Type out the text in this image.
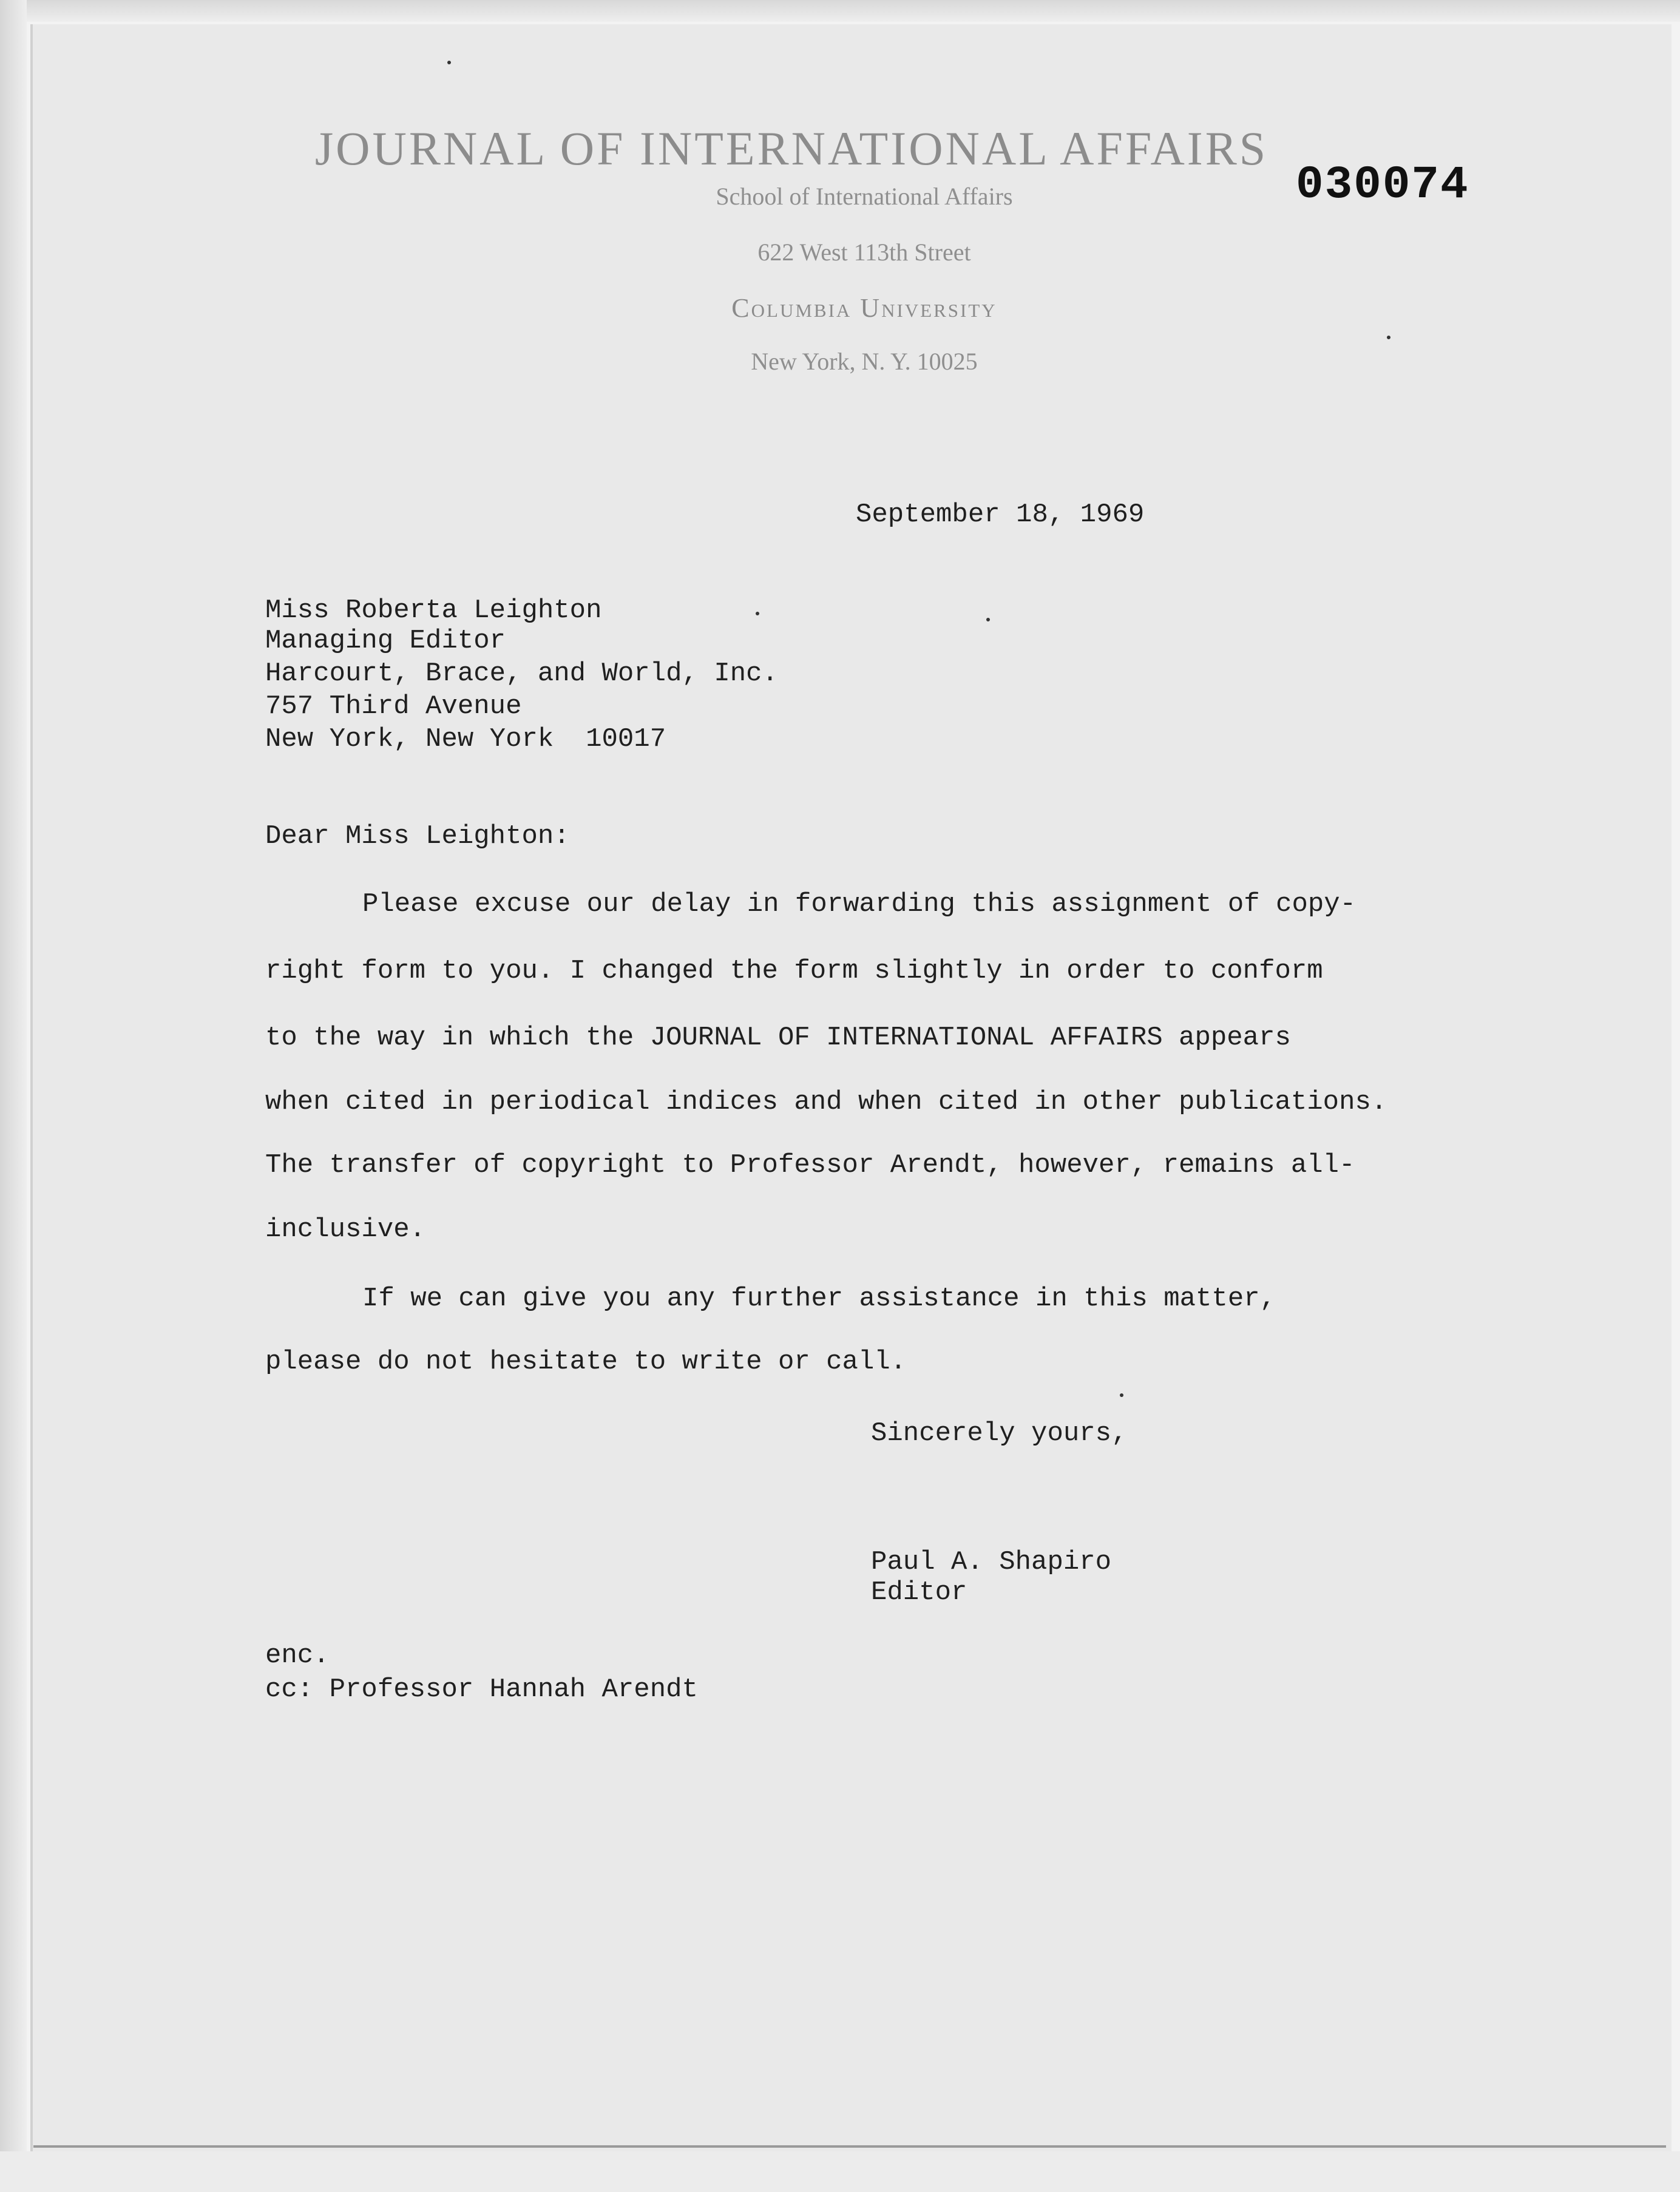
JOURNAL OF INTERNATIONAL AFFAIRS
School of International Affairs
622 West 113th Street
Columbia University
New York, N. Y. 10025
030074
September 18, 1969
Miss Roberta Leighton
Managing Editor
Harcourt, Brace, and World, Inc.
757 Third Avenue
New York, New York  10017
Dear Miss Leighton:
Please excuse our delay in forwarding this assignment of copy-
right form to you. I changed the form slightly in order to conform
to the way in which the JOURNAL OF INTERNATIONAL AFFAIRS appears
when cited in periodical indices and when cited in other publications.
The transfer of copyright to Professor Arendt, however, remains all-
inclusive.
If we can give you any further assistance in this matter,
please do not hesitate to write or call.
Sincerely yours,
Paul A. Shapiro
Editor
enc.
cc: Professor Hannah Arendt
